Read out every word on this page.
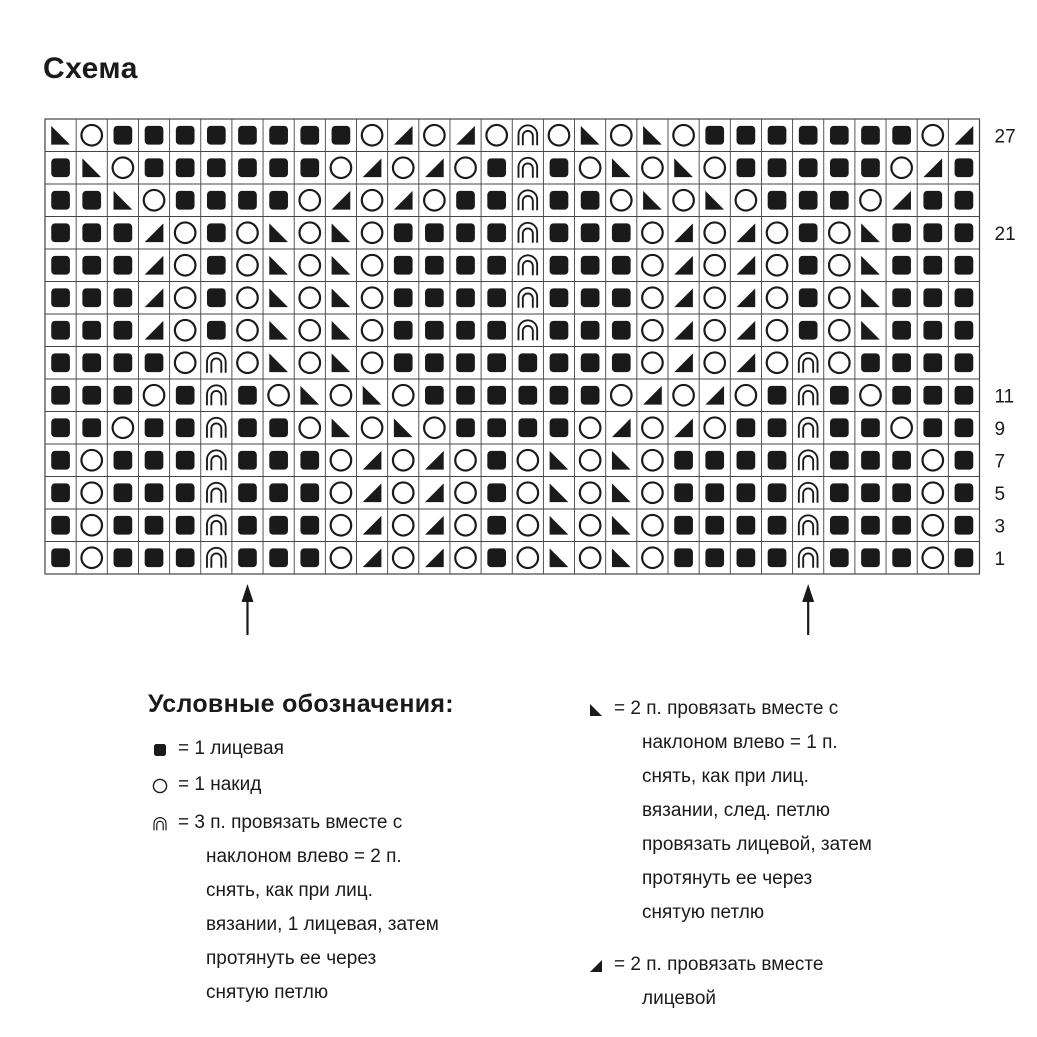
Схема
27
21
11
9
7
5
3
1
Условные обозначения:
= 1 лицевая
= 1 накид
= 3 п. провязать вместе с
наклоном влево = 2 п.
снять, как при лиц.
вязании, 1 лицевая, затем
протянуть ее через
снятую петлю
= 2 п. провязать вместе с
наклоном влево = 1 п.
снять, как при лиц.
вязании, след. петлю
провязать лицевой, затем
протянуть ее через
снятую петлю
= 2 п. провязать вместе
лицевой
